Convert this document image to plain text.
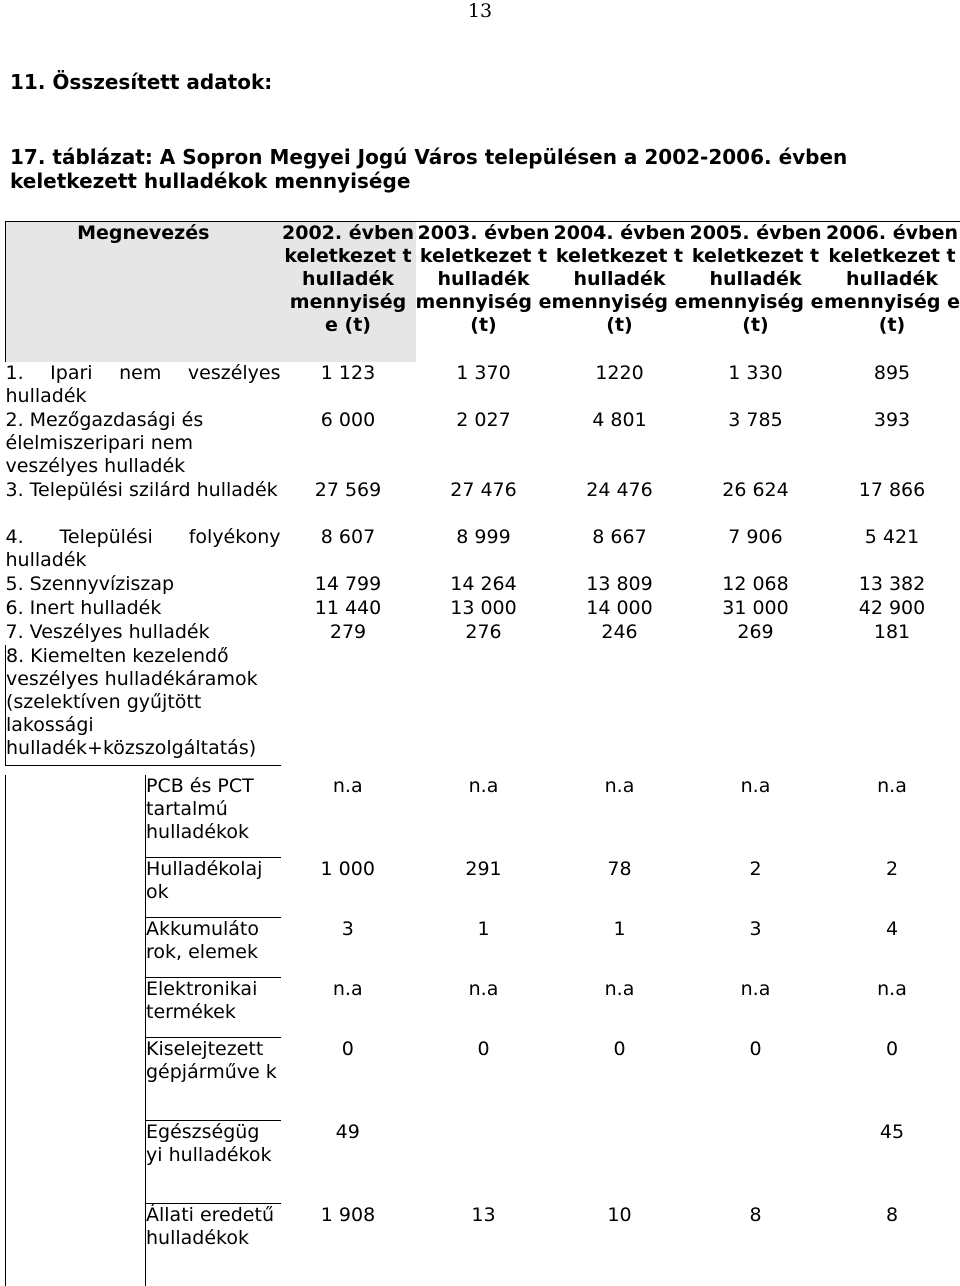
13
11. Összesített adatok:
17. táblázat: A Sopron Megyei Jogú Város településen a 2002-2006. évben keletkezett hulladékok mennyisége
Megnevezés	2002. évben keletkezet t hulladék mennyiség e (t)	2003. évben keletkezet t hulladék mennyiség e (t)	2004. évben keletkezet t hulladék mennyiség e (t)	2005. évben keletkezet t hulladék mennyiség e (t)	2006. évben keletkezet t hulladék mennyiség e (t)
1. Ipari nem veszélyes hulladék	1 123	1 370	1220	1 330	895
2. Mezőgazdasági és élelmiszeripari nem veszélyes hulladék	6 000	2 027	4 801	3 785	393
3. Települési szilárd hulladék	27 569	27 476	24 476	26 624	17 866
4. Települési folyékony hulladék	8 607	8 999	8 667	7 906	5 421
5. Szennyvíziszap	14 799	14 264	13 809	12 068	13 382
6. Inert hulladék	11 440	13 000	14 000	31 000	42 900
7. Veszélyes hulladék	279	276	246	269	181
8. Kiemelten kezelendő veszélyes hulladékáramok (szelektíven gyűjtött lakossági hulladék+közszolgáltatás)					
	PCB és PCT tartalmú hulladékok	n.a	n.a	n.a	n.a	n.a
	Hulladékolaj ok	1 000	291	78	2	2
	Akkumuláto rok, elemek	3	1	1	3	4
	Elektronikai termékek	n.a	n.a	n.a	n.a	n.a
	Kiselejtezett gépjárműve k	0	0	0	0	0
	Egészségüg yi hulladékok	49				45
	Állati eredetű hulladékok	1 908	13	10	8	8
